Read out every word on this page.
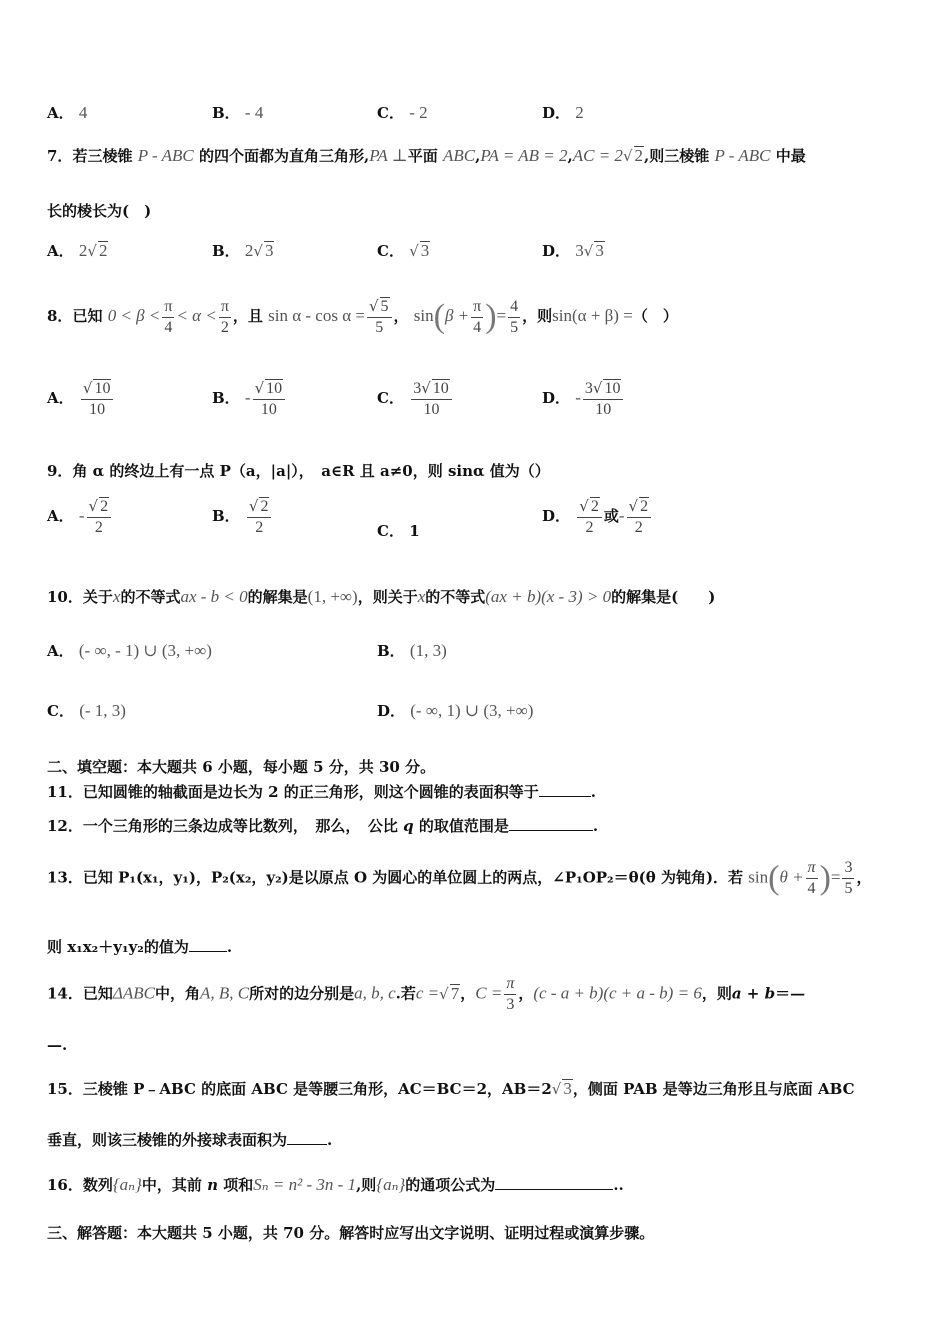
A． 4	B． - 4	C． - 2	D． 2
7．若三棱锥 P - ABC 的四个面都为直角三角形,PA ⊥平面 ABC,PA = AB = 2,AC = 2√ 2,则三棱锥 P - ABC 中最
长的棱长为(　)
A． 2√ 2	B． 2√ 3	C． √ 3	D． 3√ 3
8．已知 $0 < \beta < \frac{\pi}{4} < \alpha < \frac{\pi}{2}$ ，且 $\sin \alpha - \cos \alpha = \frac{√ 5}{5}$ ， $\sin(\beta + \frac{\pi}{4}$ )= $\frac{4}{5}$ ，则sin(α + β) =（　）
A． $\frac{√ 10}{10}$	B． - $\frac{√ 10}{10}$	C． $\frac{3√ 10}{10}$	D． - $\frac{3√ 10}{10}$
9．角 α 的终边上有一点 P（a，|a|），　a∈R 且 a≠0，则 sinα 值为（）
A． - $\frac{√ 2}{2}$	B． $\frac{√ 2}{2}$	C． 1
D． $\frac{√ 2}{2}$ 或- $\frac{√ 2}{2}$
10．关于x的不等式ax - b < 0的解集是(1, +∞)，则关于x的不等式(ax + b)(x - 3) > 0的解集是(　　)
A． (- ∞, - 1) ∪ (3, +∞)	B． (1, 3)
C． (- 1, 3)	D． (- ∞, 1) ∪ (3, +∞)
二、填空题：本大题共 6 小题，每小题 5 分，共 30 分。
11．已知圆锥的轴截面是边长为 2 的正三角形，则这个圆锥的表面积等于	.
12．一个三角形的三条边成等比数列，　那么，　公比 q 的取值范围是	.
13．已知 P₁(x₁，y₁)，P₂(x₂，y₂)是以原点 O 为圆心的单位圆上的两点，∠P₁OP₂＝θ(θ 为钝角)．若 $\sin(\theta + \frac{\pi}{4}$ )= $\frac{3}{5}$ ，
则 x₁x₂＋y₁y₂的值为	.
14．已知ΔABC中，角A, B, C所对的边分别是a, b, c.若c =√ 7，$C = \frac{\pi}{3}$ ，(c - a + b)(c + a - b) = 6，则a + b＝—
—.
15．三棱锥 P﹣ABC 的底面 ABC 是等腰三角形，AC＝BC＝2，AB＝2√ 3，侧面 PAB 是等边三角形且与底面 ABC
垂直，则该三棱锥的外接球表面积为	.
16．数列{aₙ}中，其前 n 项和Sₙ = n² - 3n - 1,则{aₙ}的通项公式为	..
三、解答题：本大题共 5 小题，共 70 分。解答时应写出文字说明、证明过程或演算步骤。
